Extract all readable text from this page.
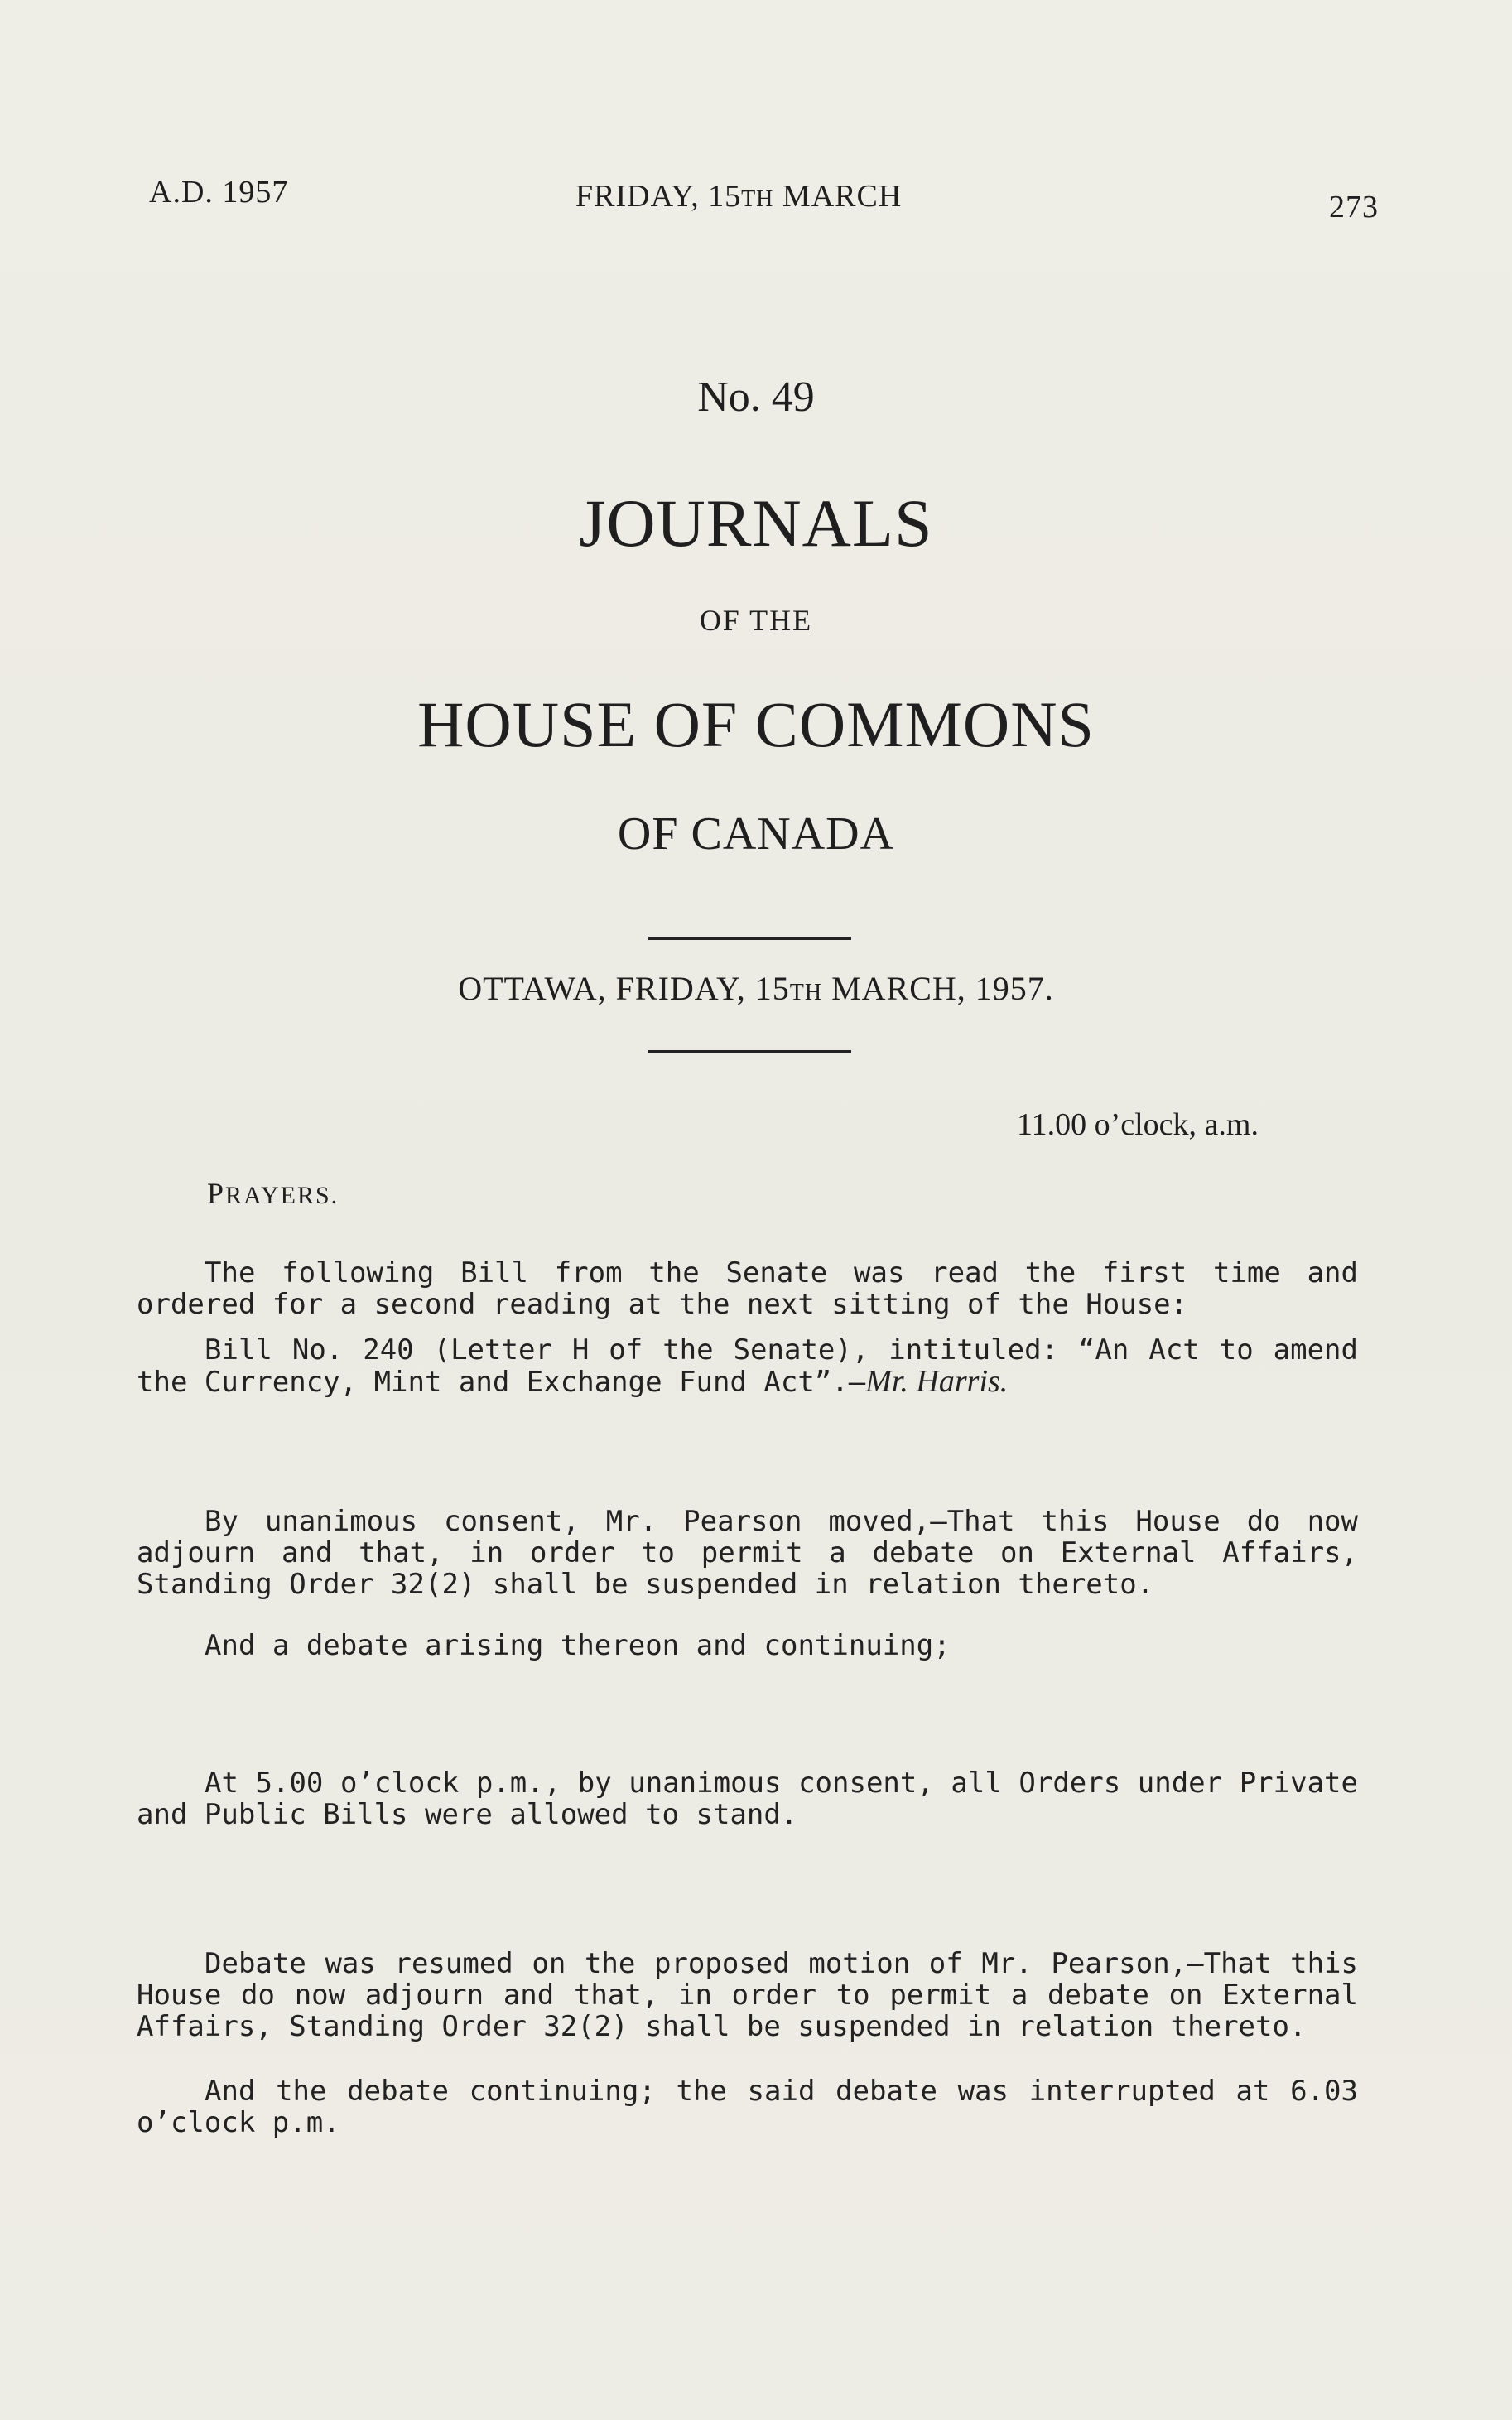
A.D. 1957	FRIDAY, 15TH MARCH	273
No. 49
JOURNALS
OF THE
HOUSE OF COMMONS
OF CANADA
OTTAWA, FRIDAY, 15TH MARCH, 1957.
11.00 o’clock, a.m.
PRAYERS.
The following Bill from the Senate was read the first time and ordered for a second reading at the next sitting of the House:
Bill No. 240 (Letter H of the Senate), intituled: “An Act to amend the Currency, Mint and Exchange Fund Act”.—Mr. Harris.
By unanimous consent, Mr. Pearson moved,—That this House do now adjourn and that, in order to permit a debate on External Affairs, Standing Order 32(2) shall be suspended in relation thereto.
And a debate arising thereon and continuing;
At 5.00 o’clock p.m., by unanimous consent, all Orders under Private and Public Bills were allowed to stand.
Debate was resumed on the proposed motion of Mr. Pearson,—That this House do now adjourn and that, in order to permit a debate on External Affairs, Standing Order 32(2) shall be suspended in relation thereto.
And the debate continuing; the said debate was interrupted at 6.03 o’clock p.m.
